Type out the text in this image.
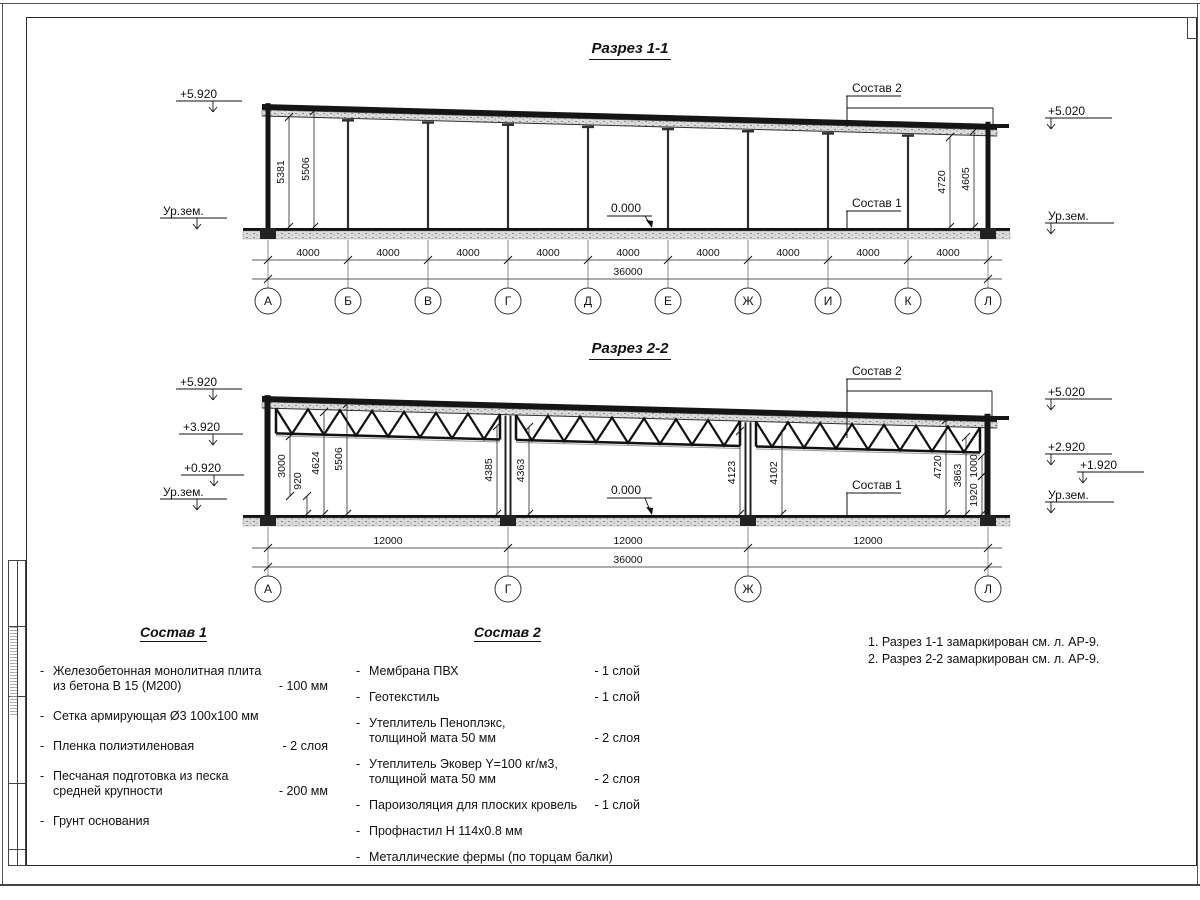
Разрез 1-1
Разрез 2-2
5381 5506
4720 4605
А	Б	В	Г	Д	Е	Ж	И	К	Л
4000	4000	4000	4000	4000	4000	4000	4000	4000
36000
+5.920
Ур.зем.
+5.020
Ур.зем.
0.000
Состав 2
Состав 1
3000
920
4624 5506	4385 4363	4123	4102	4720 3863 1000
1920
А	Г	Ж	Л
12000	12000	12000
36000
+5.920
+3.920
+0.920
Ур.зем.
+5.020
+2.920
+1.920
Ур.зем.
0.000
Состав 2
Состав 1
Состав 1
- Железобетонная монолитная плита
из бетона В 15 (М200)	- 100 мм
- Сетка армирующая Ø3 100х100 мм
- Пленка полиэтиленовая	- 2 слоя
- Песчаная подготовка из песка
средней крупности	- 200 мм
- Грунт основания
Состав 2
- Мембрана ПВХ	- 1 слой
- Геотекстиль	- 1 слой
- Утеплитель Пеноплэкс,
толщиной мата 50 мм	- 2 слоя
- Утеплитель Эковер Y=100 кг/м3,
толщиной мата 50 мм	- 2 слоя
- Пароизоляция для плоских кровель - 1 слой
- Профнастил Н 114х0.8 мм
- Металлические фермы (по торцам балки)
1. Разрез 1-1 замаркирован см. л. АР-9.
2. Разрез 2-2 замаркирован см. л. АР-9.
